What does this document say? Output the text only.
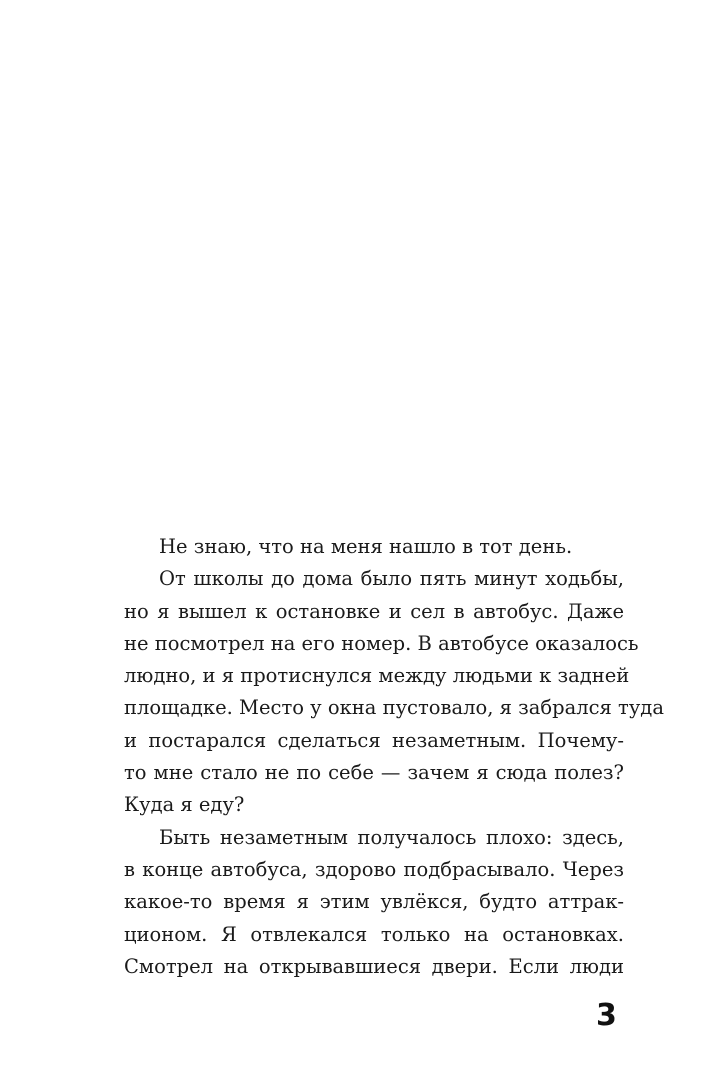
Не знаю, что на меня нашло в тот день.
От школы до дома было пять минут ходьбы,
но я вышел к остановке и сел в автобус. Даже
не посмотрел на его номер. В автобусе оказалось
людно, и я протиснулся между людьми к задней
площадке. Место у окна пустовало, я забрался туда
и постарался сделаться незаметным. Почему-
то мне стало не по себе — зачем я сюда полез?
Куда я еду?
Быть незаметным получалось плохо: здесь,
в конце автобуса, здорово подбрасывало. Через
какое-то время я этим увлёкся, будто аттрак-
ционом. Я отвлекался только на остановках.
Смотрел на открывавшиеся двери. Если люди
3
